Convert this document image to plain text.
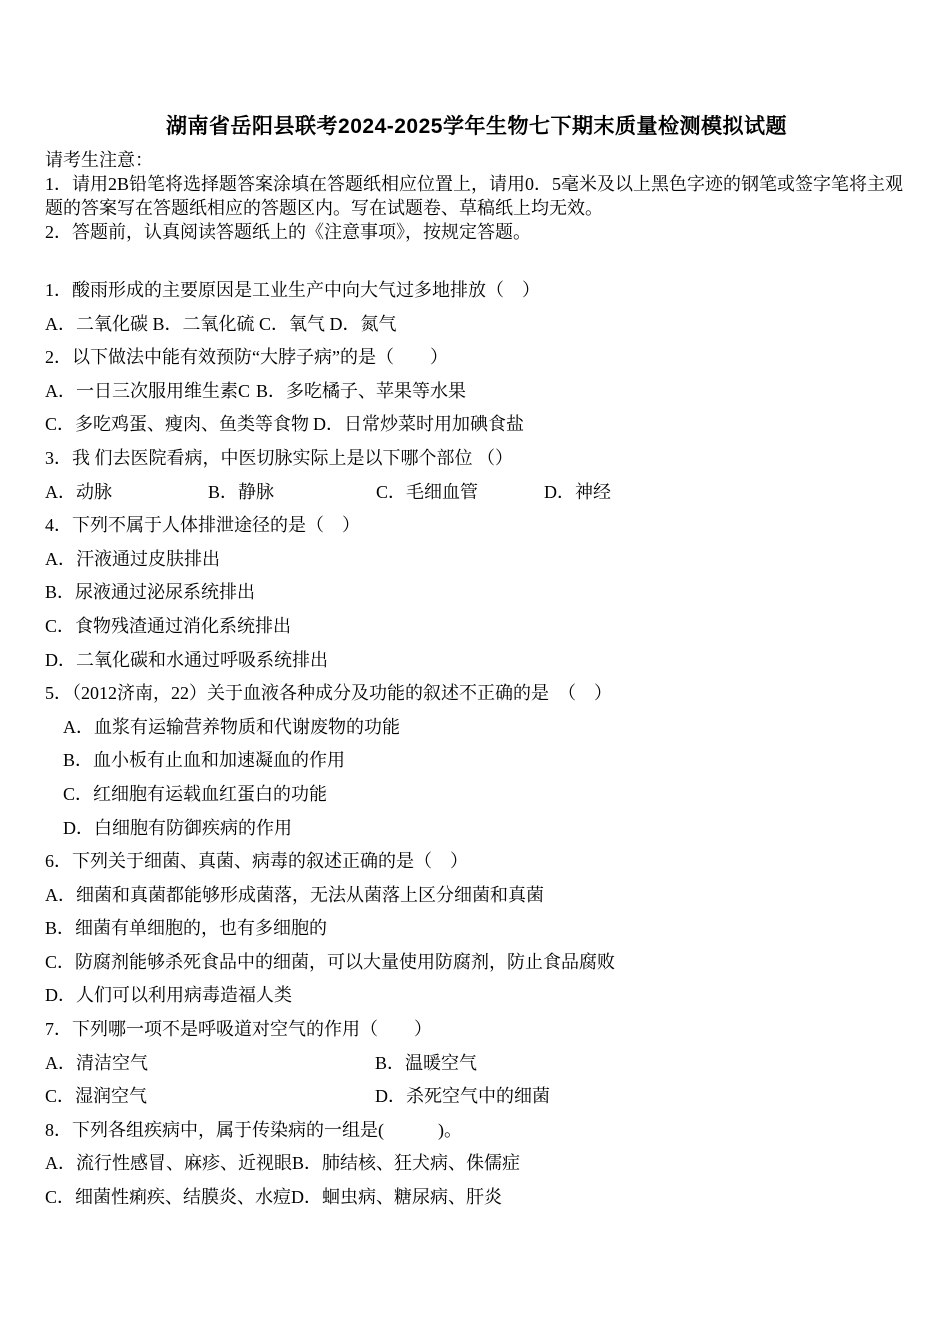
湖南省岳阳县联考2024-2025学年生物七下期末质量检测模拟试题

请考生注意：

1．请用2B铅笔将选择题答案涂填在答题纸相应位置上，请用0．5毫米及以上黑色字迹的钢笔或签字笔将主观题的答案写在答题纸相应的答题区内。写在试题卷、草稿纸上均无效。

2．答题前，认真阅读答题纸上的《注意事项》，按规定答题。

1．酸雨形成的主要原因是工业生产中向大气过多地排放（　）

A．二氧化碳 B．二氧化硫 C．氧气 D．氮气

2．以下做法中能有效预防“大脖子病”的是（　　）

A．一日三次服用维生素C B．多吃橘子、苹果等水果

C．多吃鸡蛋、瘦肉、鱼类等食物 D．日常炒菜时用加碘食盐

3．我 们去医院看病，中医切脉实际上是以下哪个部位 （）

A．动脉	B．静脉	C．毛细血管	D．神经

4．下列不属于人体排泄途径的是（　）

A．汗液通过皮肤排出

B．尿液通过泌尿系统排出

C．食物残渣通过消化系统排出

D．二氧化碳和水通过呼吸系统排出

5．（2012济南，22）关于血液各种成分及功能的叙述不正确的是　（　）

A．血浆有运输营养物质和代谢废物的功能

B．血小板有止血和加速凝血的作用

C．红细胞有运载血红蛋白的功能

D．白细胞有防御疾病的作用

6．下列关于细菌、真菌、病毒的叙述正确的是（　）

A．细菌和真菌都能够形成菌落，无法从菌落上区分细菌和真菌

B．细菌有单细胞的，也有多细胞的

C．防腐剂能够杀死食品中的细菌，可以大量使用防腐剂，防止食品腐败

D．人们可以利用病毒造福人类

7．下列哪一项不是呼吸道对空气的作用（　　）

A．清洁空气	B．温暖空气

C．湿润空气	D．杀死空气中的细菌

8．下列各组疾病中，属于传染病的一组是(　　　)。

A．流行性感冒、麻疹、近视眼B．肺结核、狂犬病、侏儒症

C．细菌性痢疾、结膜炎、水痘D．蛔虫病、糖尿病、肝炎
